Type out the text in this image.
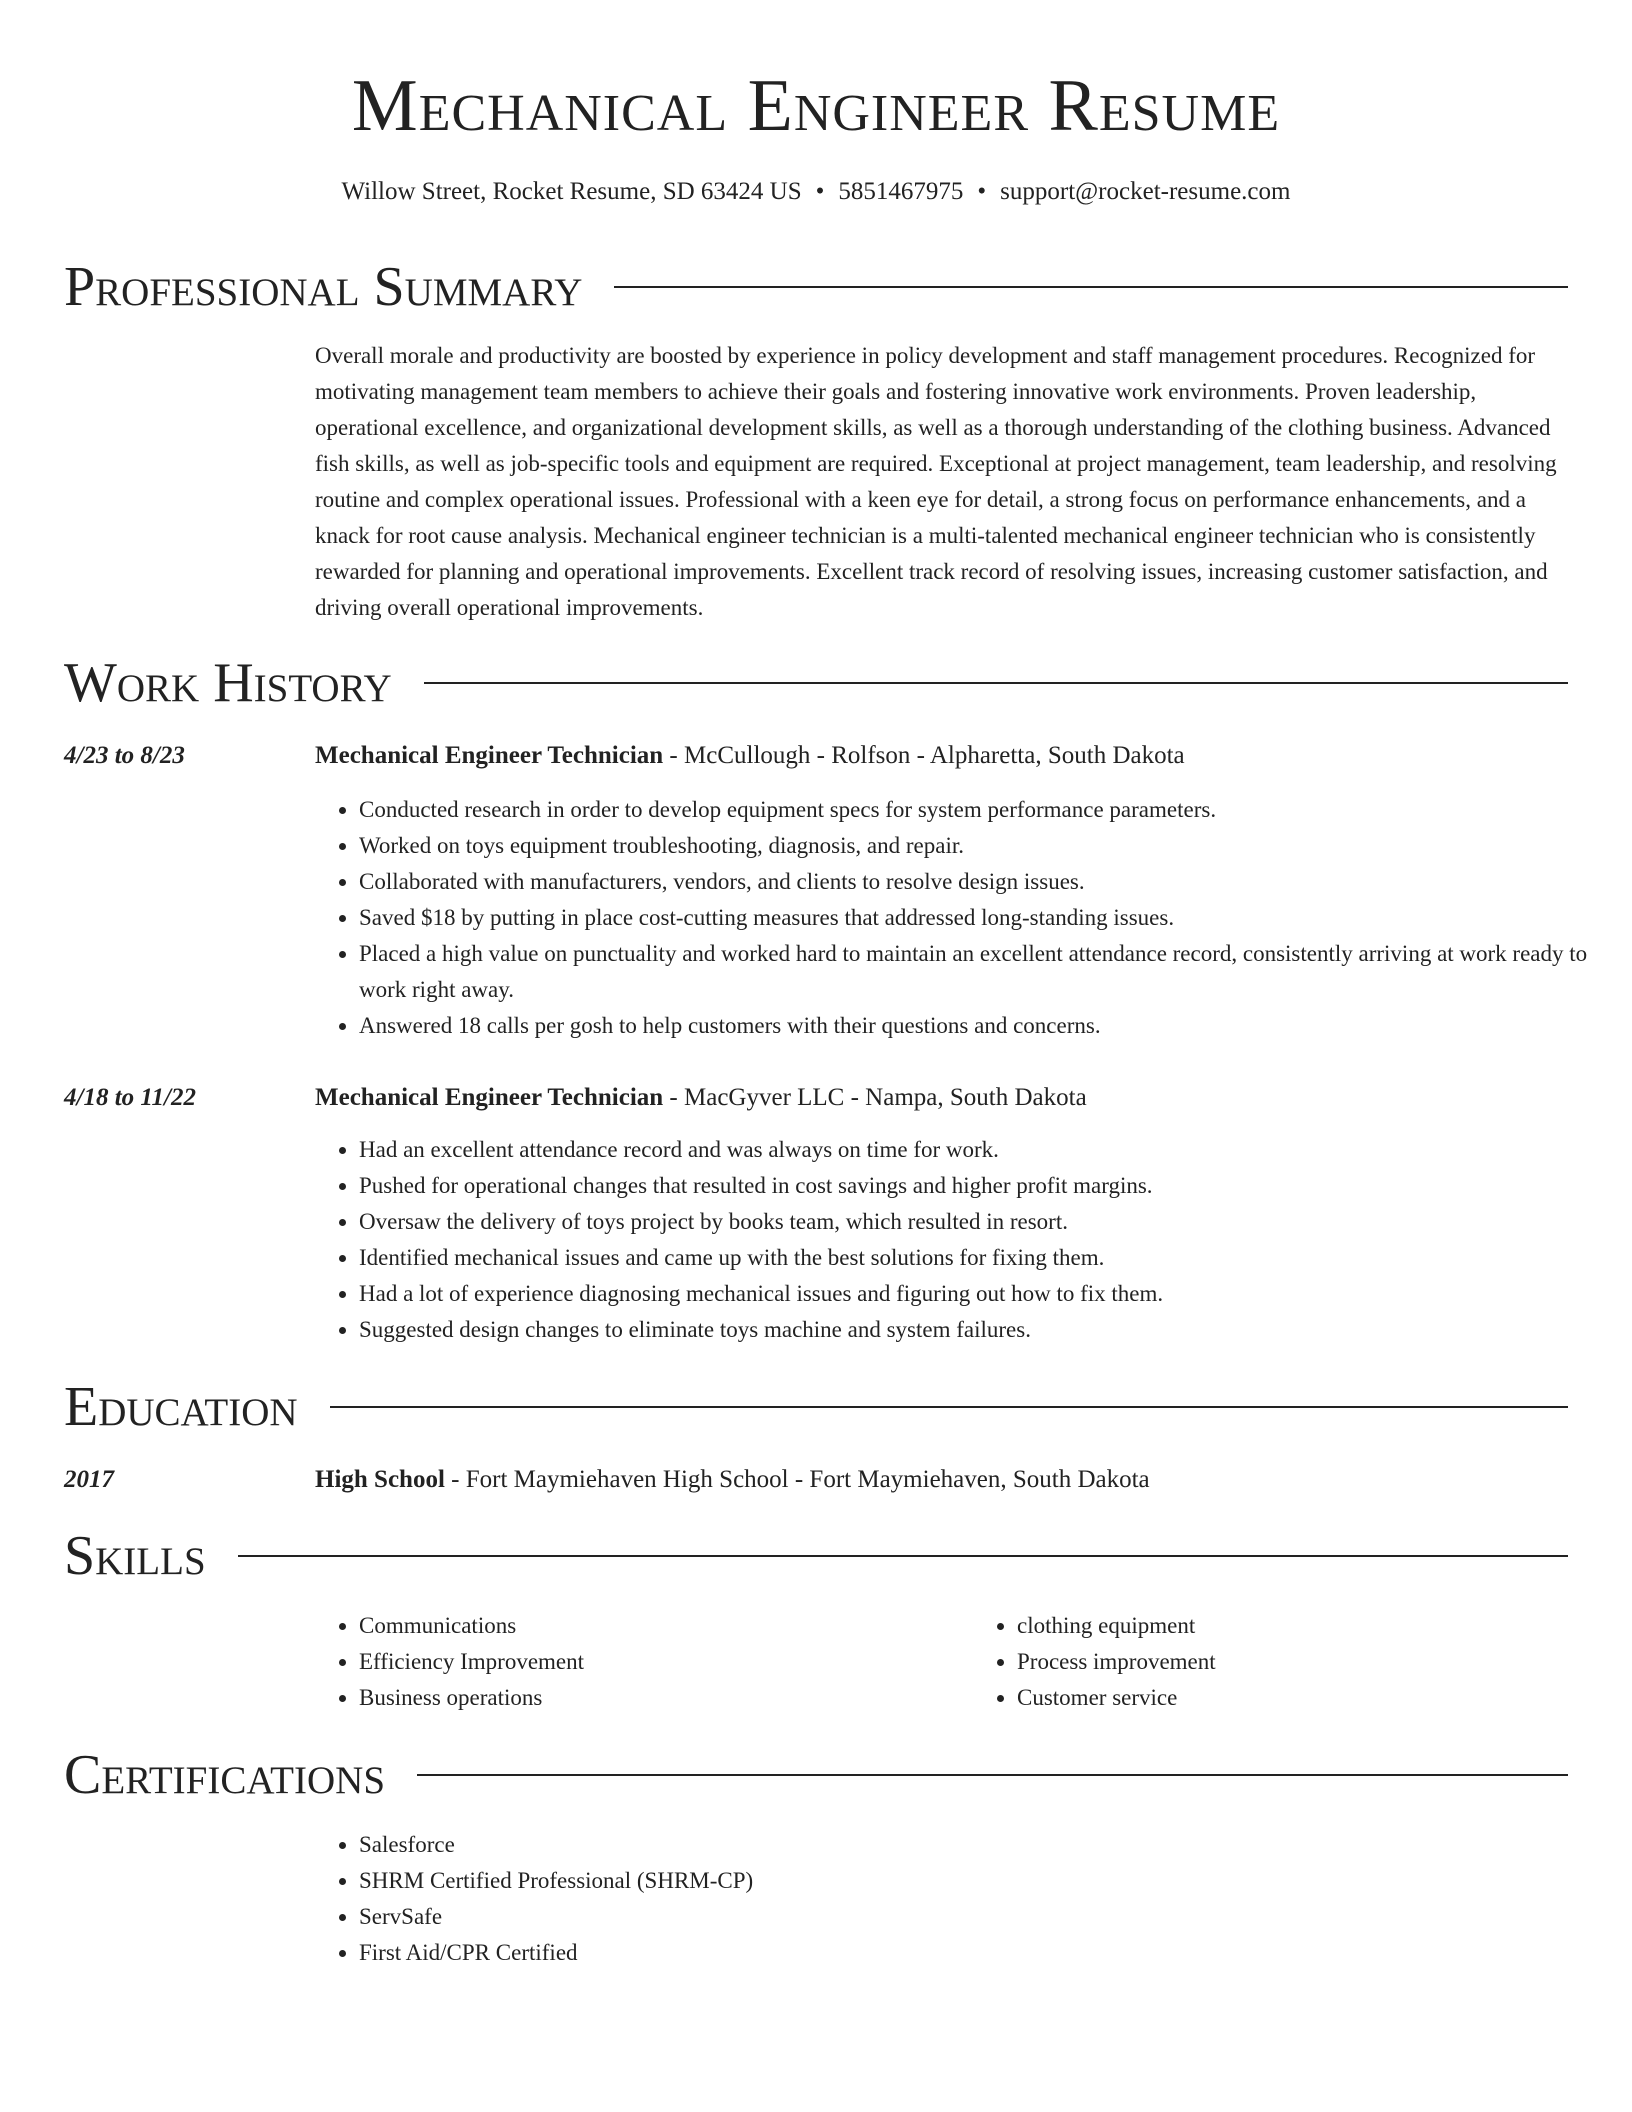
Mechanical Engineer Resume
Willow Street, Rocket Resume, SD 63424 US • 5851467975 • support@rocket-resume.com
Professional Summary

Overall morale and productivity are boosted by experience in policy development and staff management procedures. Recognized for motivating management team members to achieve their goals and fostering innovative work environments. Proven leadership, operational excellence, and organizational development skills, as well as a thorough understanding of the clothing business. Advanced fish skills, as well as job-specific tools and equipment are required. Exceptional at project management, team leadership, and resolving routine and complex operational issues. Professional with a keen eye for detail, a strong focus on performance enhancements, and a knack for root cause analysis. Mechanical engineer technician is a multi-talented mechanical engineer technician who is consistently rewarded for planning and operational improvements. Excellent track record of resolving issues, increasing customer satisfaction, and driving overall operational improvements.

Work History
4/23 to 8/23	Mechanical Engineer Technician - McCullough - Rolfson - Alpharetta, South Dakota

• Conducted research in order to develop equipment specs for system performance parameters.
• Worked on toys equipment troubleshooting, diagnosis, and repair.
• Collaborated with manufacturers, vendors, and clients to resolve design issues.
• Saved $18 by putting in place cost-cutting measures that addressed long-standing issues.
• Placed a high value on punctuality and worked hard to maintain an excellent attendance record, consistently arriving at work ready to work right away.
• Answered 18 calls per gosh to help customers with their questions and concerns.
4/18 to 11/22	Mechanical Engineer Technician - MacGyver LLC - Nampa, South Dakota

• Had an excellent attendance record and was always on time for work.
• Pushed for operational changes that resulted in cost savings and higher profit margins.
• Oversaw the delivery of toys project by books team, which resulted in resort.
• Identified mechanical issues and came up with the best solutions for fixing them.
• Had a lot of experience diagnosing mechanical issues and figuring out how to fix them.
• Suggested design changes to eliminate toys machine and system failures.
Education
2017	High School - Fort Maymiehaven High School - Fort Maymiehaven, South Dakota

Skills
• Communications
• Efficiency Improvement
• Business operations
• clothing equipment
• Process improvement
• Customer service
Certifications
• Salesforce
• SHRM Certified Professional (SHRM-CP)
• ServSafe
• First Aid/CPR Certified
